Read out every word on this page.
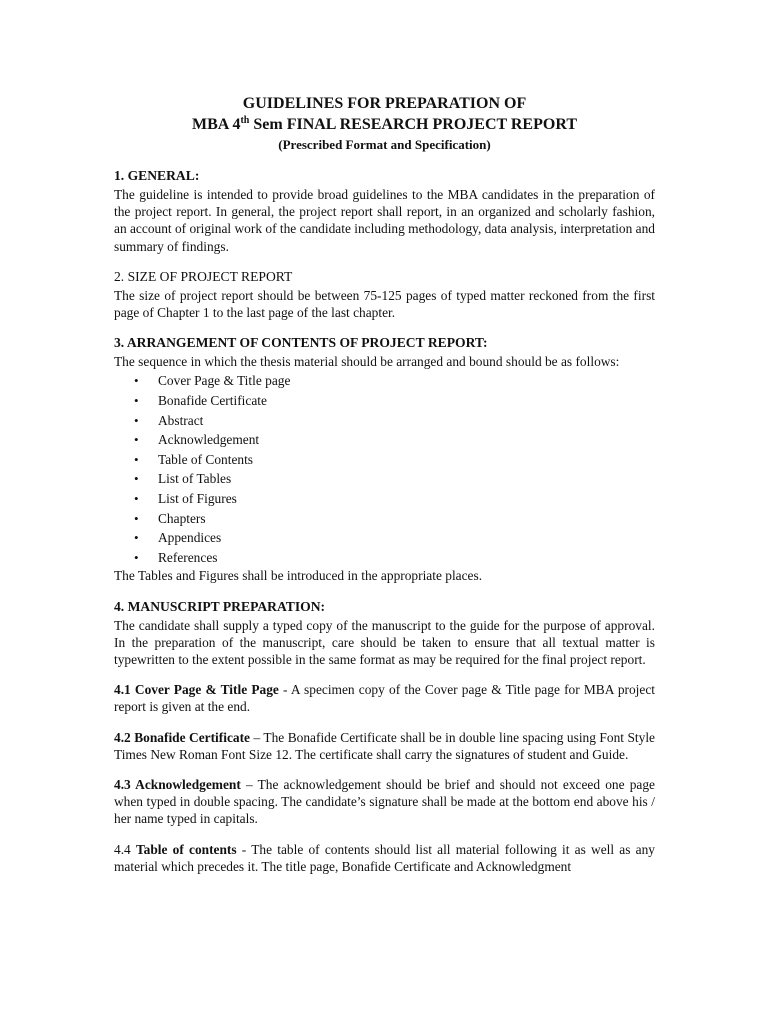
GUIDELINES FOR PREPARATION OF
MBA 4th Sem FINAL RESEARCH PROJECT REPORT
(Prescribed Format and Specification)
1. GENERAL:

The guideline is intended to provide broad guidelines to the MBA candidates in the preparation of the project report. In general, the project report shall report, in an organized and scholarly fashion, an account of original work of the candidate including methodology, data analysis, interpretation and summary of findings.

2. SIZE OF PROJECT REPORT

The size of project report should be between 75-125 pages of typed matter reckoned from the first page of Chapter 1 to the last page of the last chapter.

3. ARRANGEMENT OF CONTENTS OF PROJECT REPORT:

The sequence in which the thesis material should be arranged and bound should be as follows:

• Cover Page & Title page
• Bonafide Certificate
• Abstract
• Acknowledgement
• Table of Contents
• List of Tables
• List of Figures
• Chapters
• Appendices
• References

The Tables and Figures shall be introduced in the appropriate places.

4. MANUSCRIPT PREPARATION:

The candidate shall supply a typed copy of the manuscript to the guide for the purpose of approval. In the preparation of the manuscript, care should be taken to ensure that all textual matter is typewritten to the extent possible in the same format as may be required for the final project report.

4.1 Cover Page & Title Page - A specimen copy of the Cover page & Title page for MBA project report is given at the end.

4.2 Bonafide Certificate – The Bonafide Certificate shall be in double line spacing using Font Style Times New Roman Font Size 12. The certificate shall carry the signatures of student and Guide.

4.3 Acknowledgement – The acknowledgement should be brief and should not exceed one page when typed in double spacing. The candidate’s signature shall be made at the bottom end above his / her name typed in capitals.

4.4 Table of contents - The table of contents should list all material following it as well as any material which precedes it. The title page, Bonafide Certificate and Acknowledgment
